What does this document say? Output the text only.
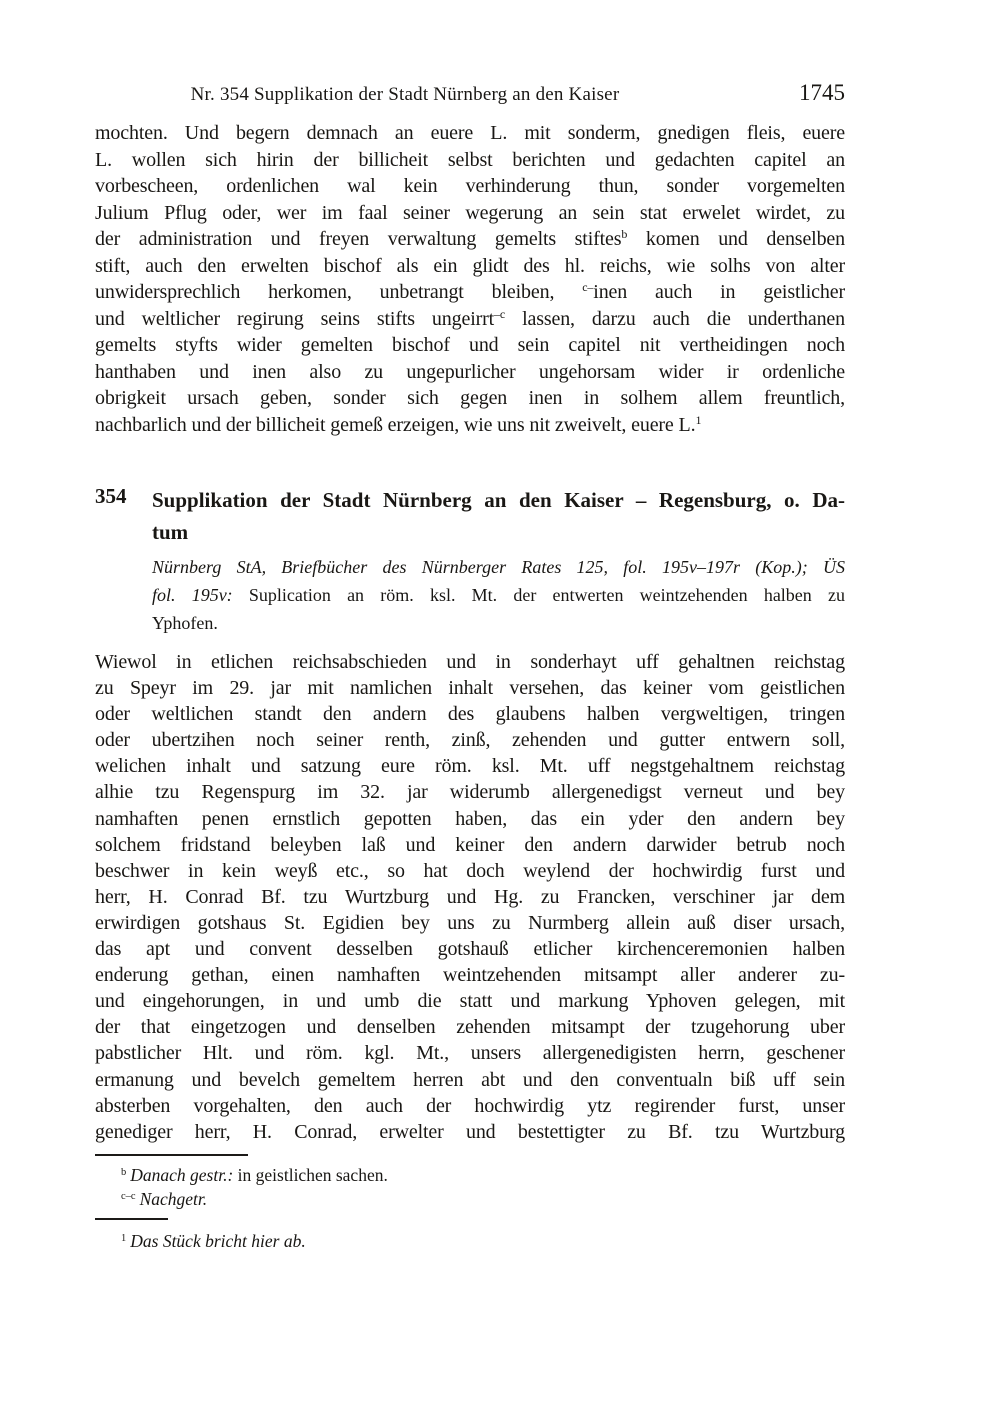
Nr. 354 Supplikation der Stadt Nürnberg an den Kaiser	1745
mochten. Und begern demnach an euere L. mit sonderm, gnedigen fleis, euere
L. wollen sich hirin der billicheit selbst berichten und gedachten capitel an
vorbescheen, ordenlichen wal kein verhinderung thun, sonder vorgemelten
Julium Pflug oder, wer im faal seiner wegerung an sein stat erwelet wirdet, zu
der administration und freyen verwaltung gemelts stiftes$^b$ komen und denselben
stift, auch den erwelten bischof als ein glidt des hl. reichs, wie solhs von alter
unwidersprechlich herkomen, unbetrangt bleiben, $^{c-}$inen auch in geistlicher
und weltlicher regirung seins stifts ungeirrt$^{-c}$ lassen, darzu auch die underthanen
gemelts styfts wider gemelten bischof und sein capitel nit vertheidingen noch
hanthaben und inen also zu ungepurlicher ungehorsam wider ir ordenliche
obrigkeit ursach geben, sonder sich gegen inen in solhem allem freuntlich,
nachbarlich und der billicheit gemeß erzeigen, wie uns nit zweivelt, euere L.$^1$
354	Supplikation der Stadt Nürnberg an den Kaiser – Regensburg, o. Da-
tum
Nürnberg StA, Briefbücher des Nürnberger Rates 125, fol. 195v–197r (Kop.); ÜS
fol. 195v: Suplication an röm. ksl. Mt. der entwerten weintzehenden halben zu
Yphofen.
Wiewol in etlichen reichsabschieden und in sonderhayt uff gehaltnen reichstag
zu Speyr im 29. jar mit namlichen inhalt versehen, das keiner vom geistlichen
oder weltlichen standt den andern des glaubens halben vergweltigen, tringen
oder ubertzihen noch seiner renth, zinß, zehenden und gutter entwern soll,
welichen inhalt und satzung eure röm. ksl. Mt. uff negstgehaltnem reichstag
alhie tzu Regenspurg im 32. jar widerumb allergenedigst verneut und bey
namhaften penen ernstlich gepotten haben, das ein yder den andern bey
solchem fridstand beleyben laß und keiner den andern darwider betrub noch
beschwer in kein weyß etc., so hat doch weylend der hochwirdig furst und
herr, H. Conrad Bf. tzu Wurtzburg und Hg. zu Francken, verschiner jar dem
erwirdigen gotshaus St. Egidien bey uns zu Nurmberg allein auß diser ursach,
das apt und convent desselben gotshauß etlicher kirchenceremonien halben
enderung gethan, einen namhaften weintzehenden mitsampt aller anderer zu-
und eingehorungen, in und umb die statt und markung Yphoven gelegen, mit
der that eingetzogen und denselben zehenden mitsampt der tzugehorung uber
pabstlicher Hlt. und röm. kgl. Mt., unsers allergenedigisten herrn, geschener
ermanung und bevelch gemeltem herren abt und den conventualn biß uff sein
absterben vorgehalten, den auch der hochwirdig ytz regirender furst, unser
genediger herr, H. Conrad, erwelter und bestettigter zu Bf. tzu Wurtzburg
$^b$ Danach gestr.: in geistlichen sachen.
$^{c-c}$ Nachgetr.
$^1$ Das Stück bricht hier ab.
